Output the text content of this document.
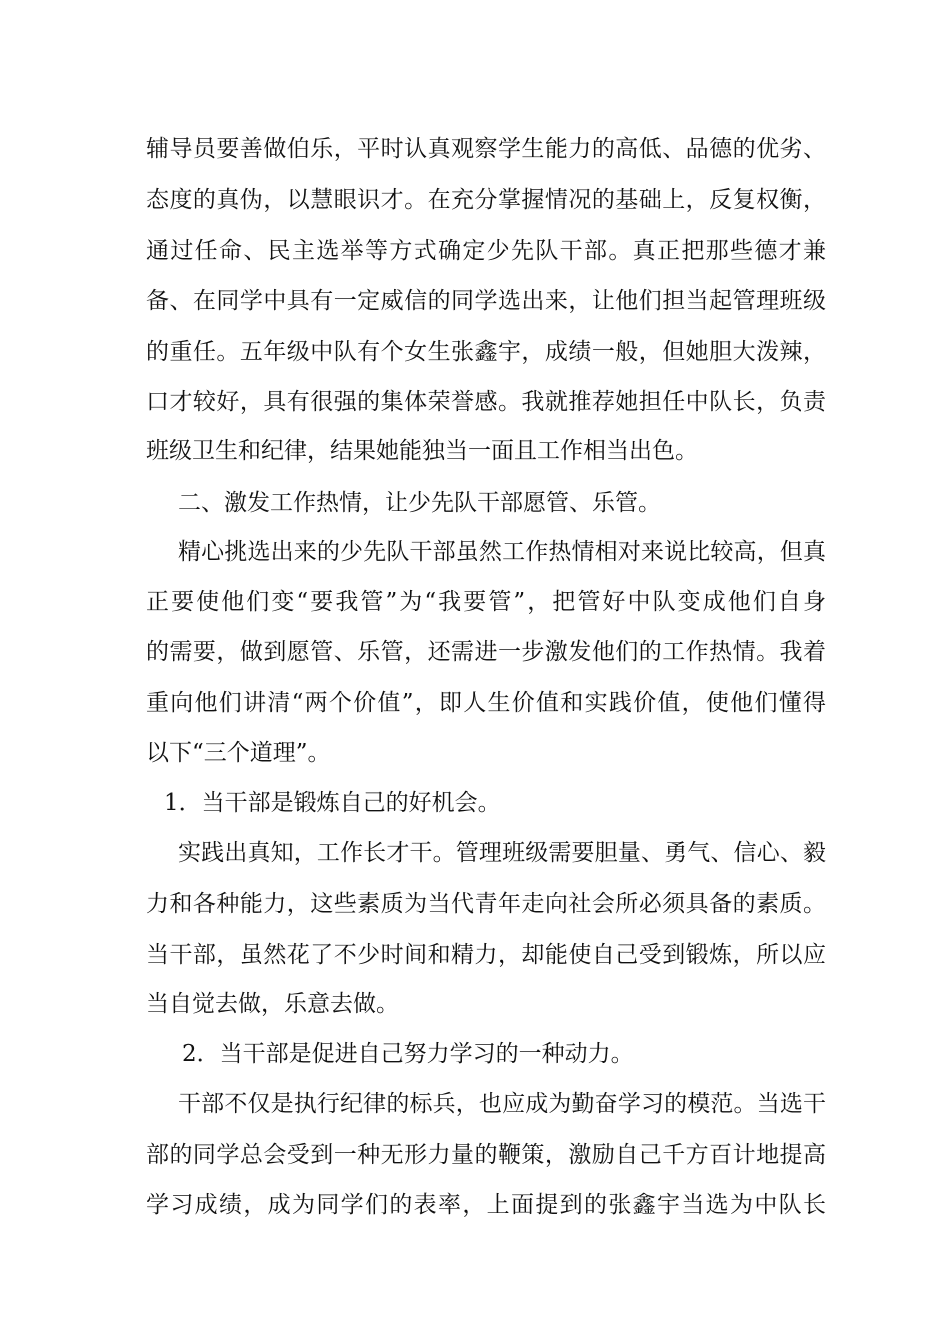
辅导员要善做伯乐，平时认真观察学生能力的高低、品德的优劣、
态度的真伪，以慧眼识才。在充分掌握情况的基础上，反复权衡，
通过任命、民主选举等方式确定少先队干部。真正把那些德才兼
备、在同学中具有一定威信的同学选出来，让他们担当起管理班级
的重任。五年级中队有个女生张鑫宇，成绩一般，但她胆大泼辣，
口才较好，具有很强的集体荣誉感。我就推荐她担任中队长，负责
班级卫生和纪律，结果她能独当一面且工作相当出色。
二、激发工作热情，让少先队干部愿管、乐管。
精心挑选出来的少先队干部虽然工作热情相对来说比较高，但真
正要使他们变“要我管”为“我要管”，把管好中队变成他们自身
的需要，做到愿管、乐管，还需进一步激发他们的工作热情。我着
重向他们讲清“两个价值”，即人生价值和实践价值，使他们懂得
以下“三个道理”。
1．当干部是锻炼自己的好机会。
实践出真知，工作长才干。管理班级需要胆量、勇气、信心、毅
力和各种能力，这些素质为当代青年走向社会所必须具备的素质。
当干部，虽然花了不少时间和精力，却能使自己受到锻炼，所以应
当自觉去做，乐意去做。
2．当干部是促进自己努力学习的一种动力。
干部不仅是执行纪律的标兵，也应成为勤奋学习的模范。当选干
部的同学总会受到一种无形力量的鞭策，激励自己千方百计地提高
学习成绩，成为同学们的表率，上面提到的张鑫宇当选为中队长
